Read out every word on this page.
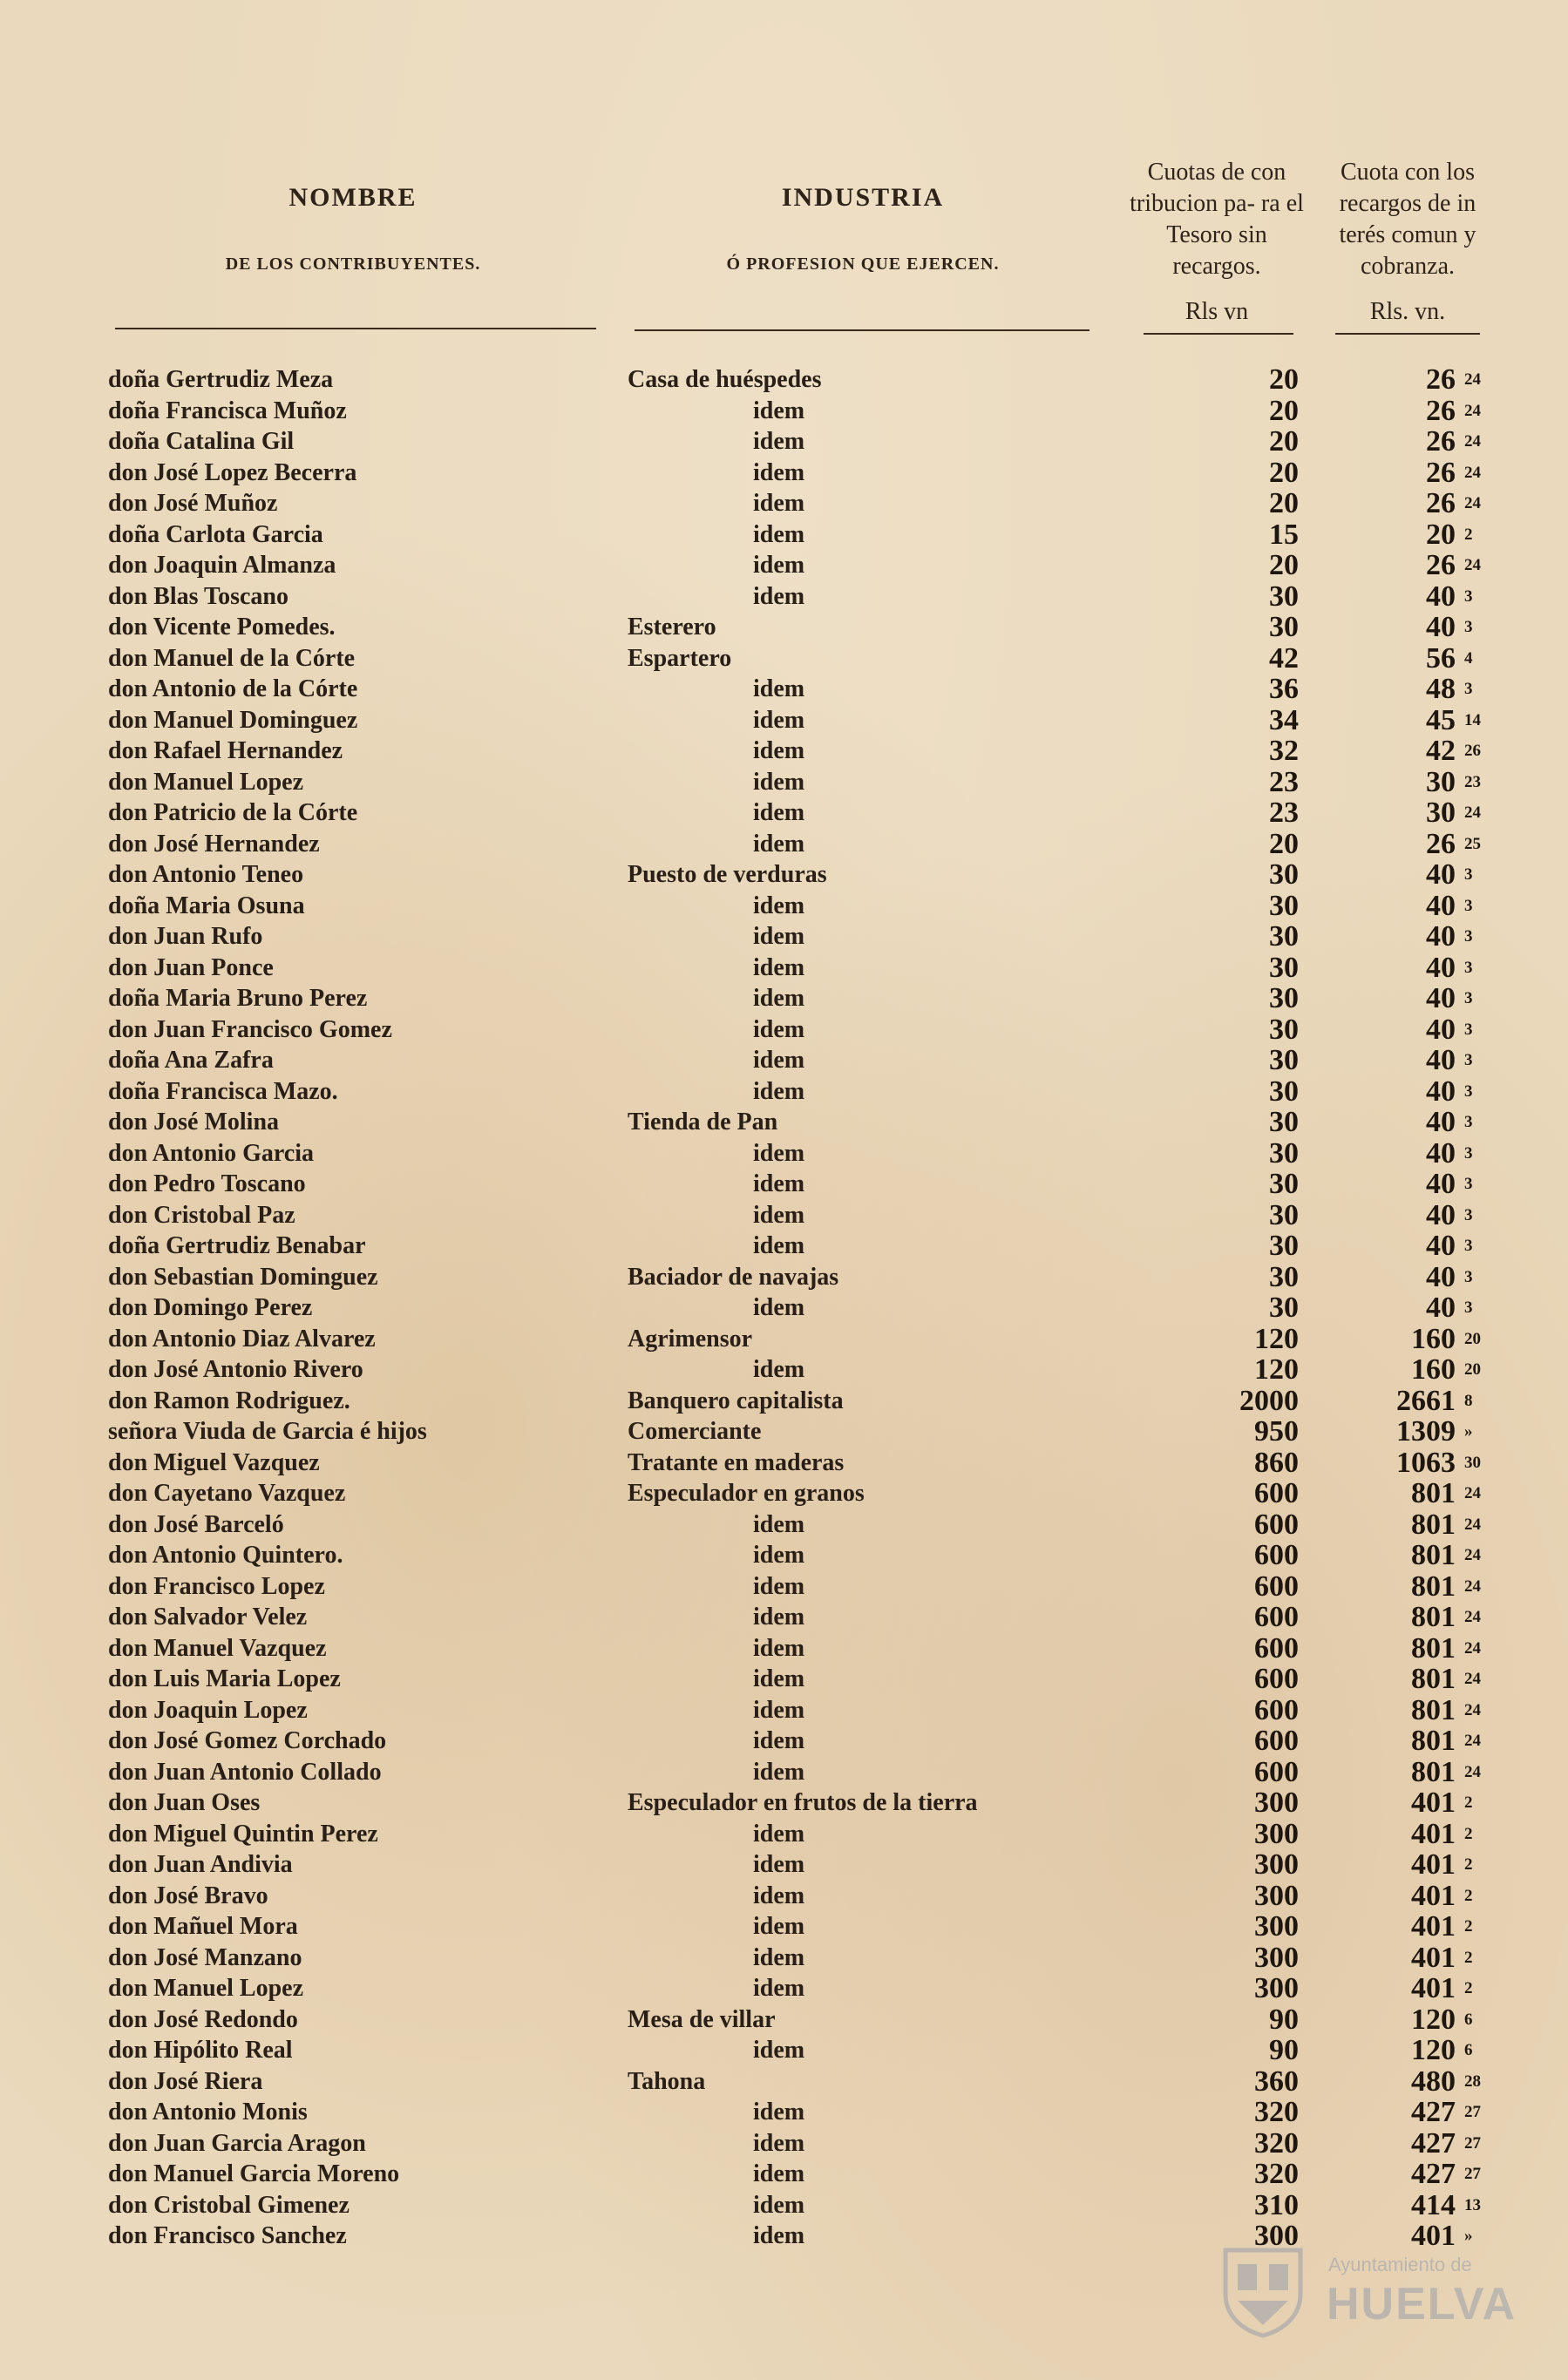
NOMBRE
DE LOS CONTRIBUYENTES.
INDUSTRIA
Ó PROFESION QUE EJERCEN.
Cuotas de con tribucion pa- ra el Tesoro sin recargos.
Cuota con los recargos de in terés comun y cobranza.
Rls vn	Rls. vn.
doña Gertrudiz Meza	Casa de huéspedes	20	26 24
doña Francisca Muñoz	idem	20	26 24
doña Catalina Gil	idem	20	26 24
don José Lopez Becerra	idem	20	26 24
don José Muñoz	idem	20	26 24
doña Carlota Garcia	idem	15	20 2
don Joaquin Almanza	idem	20	26 24
don Blas Toscano	idem	30	40 3
don Vicente Pomedes.	Esterero	30	40 3
don Manuel de la Córte	Espartero	42	56 4
don Antonio de la Córte	idem	36	48 3
don Manuel Dominguez	idem	34	45 14
don Rafael Hernandez	idem	32	42 26
don Manuel Lopez	idem	23	30 23
don Patricio de la Córte	idem	23	30 24
don José Hernandez	idem	20	26 25
don Antonio Teneo	Puesto de verduras	30	40 3
doña Maria Osuna	idem	30	40 3
don Juan Rufo	idem	30	40 3
don Juan Ponce	idem	30	40 3
doña Maria Bruno Perez	idem	30	40 3
don Juan Francisco Gomez	idem	30	40 3
doña Ana Zafra	idem	30	40 3
doña Francisca Mazo.	idem	30	40 3
don José Molina	Tienda de Pan	30	40 3
don Antonio Garcia	idem	30	40 3
don Pedro Toscano	idem	30	40 3
don Cristobal Paz	idem	30	40 3
doña Gertrudiz Benabar	idem	30	40 3
don Sebastian Dominguez	Baciador de navajas	30	40 3
don Domingo Perez	idem	30	40 3
don Antonio Diaz Alvarez	Agrimensor	120	160 20
don José Antonio Rivero	idem	120	160 20
don Ramon Rodriguez.	Banquero capitalista	2000	2661 8
señora Viuda de Garcia é hijos	Comerciante	950	1309 »
don Miguel Vazquez	Tratante en maderas	860	1063 30
don Cayetano Vazquez	Especulador en granos	600	801 24
don José Barceló	idem	600	801 24
don Antonio Quintero.	idem	600	801 24
don Francisco Lopez	idem	600	801 24
don Salvador Velez	idem	600	801 24
don Manuel Vazquez	idem	600	801 24
don Luis Maria Lopez	idem	600	801 24
don Joaquin Lopez	idem	600	801 24
don José Gomez Corchado	idem	600	801 24
don Juan Antonio Collado	idem	600	801 24
don Juan Oses	Especulador en frutos de la tierra	300	401 2
don Miguel Quintin Perez	idem	300	401 2
don Juan Andivia	idem	300	401 2
don José Bravo	idem	300	401 2
don Mañuel Mora	idem	300	401 2
don José Manzano	idem	300	401 2
don Manuel Lopez	idem	300	401 2
don José Redondo	Mesa de villar	90	120 6
don Hipólito Real	idem	90	120 6
don José Riera	Tahona	360	480 28
don Antonio Monis	idem	320	427 27
don Juan Garcia Aragon	idem	320	427 27
don Manuel Garcia Moreno	idem	320	427 27
don Cristobal Gimenez	idem	310	414 13
don Francisco Sanchez	idem	300	401 »
Ayuntamiento de
HUELVA
